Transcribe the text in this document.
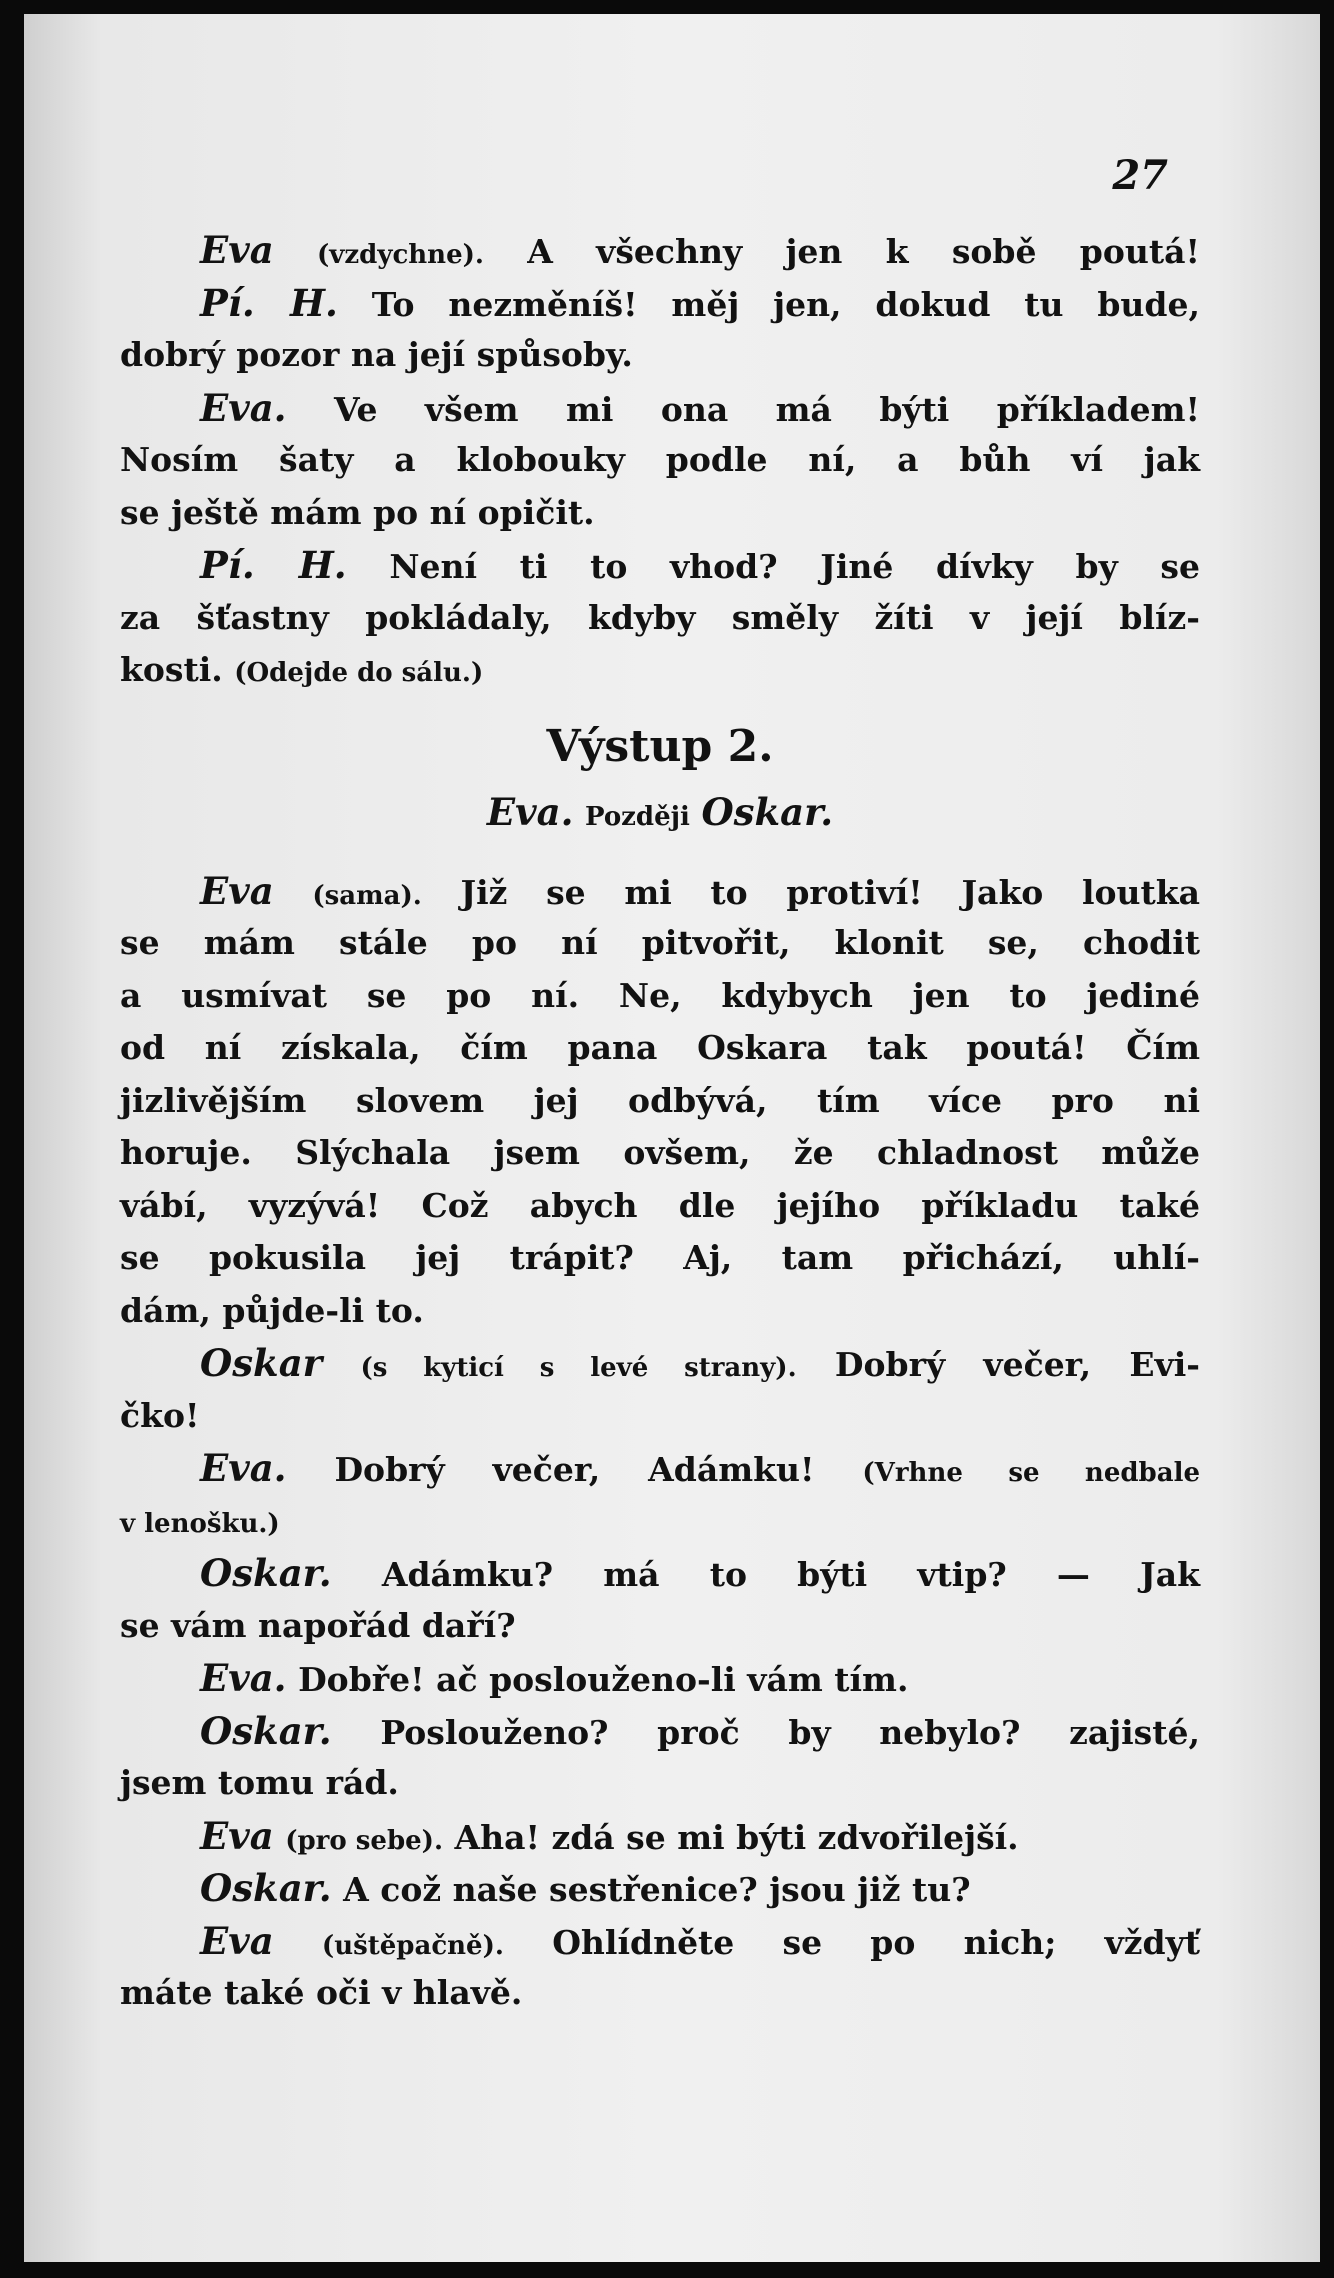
27
Eva (vzdychne). A všechny jen k sobě poutá!
Pí. H. To nezměníš! měj jen, dokud tu bude,
dobrý pozor na její spůsoby.
Eva. Ve všem mi ona má býti příkladem!
Nosím šaty a klobouky podle ní, a bůh ví jak
se ještě mám po ní opičit.
Pí. H. Není ti to vhod? Jiné dívky by se
za šťastny pokládaly, kdyby směly žíti v její blíz-
kosti. (Odejde do sálu.)
Výstup 2.
Eva. Později Oskar.
Eva (sama). Již se mi to protiví! Jako loutka
se mám stále po ní pitvořit, klonit se, chodit
a usmívat se po ní. Ne, kdybych jen to jediné
od ní získala, čím pana Oskara tak poutá! Čím
jizlivějším slovem jej odbývá, tím více pro ni
horuje. Slýchala jsem ovšem, že chladnost může
vábí, vyzývá! Což abych dle jejího příkladu také
se pokusila jej trápit? Aj, tam přichází, uhlí-
dám, půjde-li to.
Oskar (s kyticí s levé strany). Dobrý večer, Evi-
čko!
Eva. Dobrý večer, Adámku! (Vrhne se nedbale
v lenošku.)
Oskar. Adámku? má to býti vtip? — Jak
se vám napořád daří?
Eva. Dobře! ač poslouženo-li vám tím.
Oskar. Poslouženo? proč by nebylo? zajisté,
jsem tomu rád.
Eva (pro sebe). Aha! zdá se mi býti zdvořilejší.
Oskar. A což naše sestřenice? jsou již tu?
Eva (uštěpačně). Ohlídněte se po nich; vždyť
máte také oči v hlavě.
